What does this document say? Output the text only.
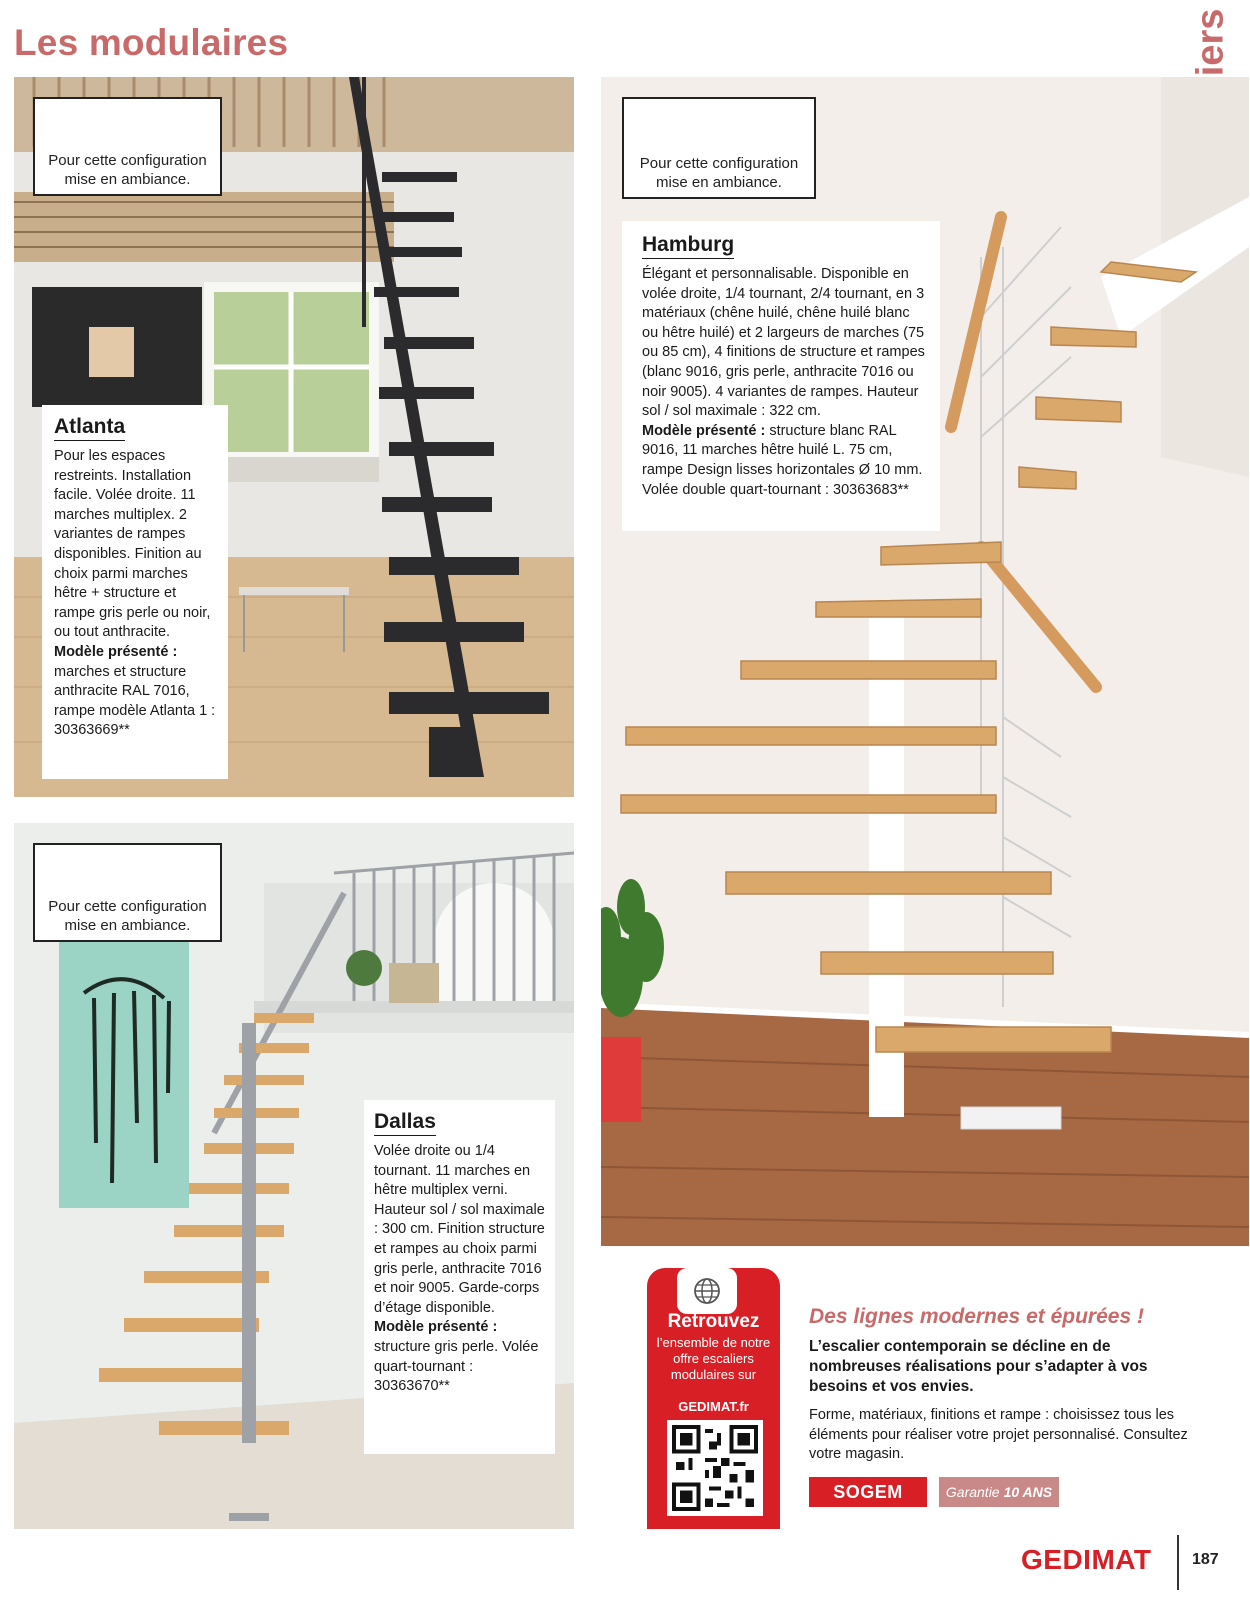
Les modulaires
Pour cette configuration
mise en ambiance.
Atlanta

Pour les espaces restreints. Installation facile. Volée droite. 11 marches multiplex. 2 variantes de rampes disponibles. Finition au choix parmi marches hêtre + structure et rampe gris perle ou noir, ou tout anthracite.

Modèle présenté : marches et structure anthracite RAL 7016, rampe modèle Atlanta 1 : 30363669**

Pour cette configuration
mise en ambiance.
Dallas

Volée droite ou 1/4 tournant. 11 marches en hêtre multiplex verni. Hauteur sol / sol maximale : 300 cm. Finition structure et rampes au choix parmi gris perle, anthracite 7016 et noir 9005. Garde-corps d’étage disponible.

Modèle présenté : structure gris perle. Volée quart-tournant : 30363670**

Pour cette configuration
mise en ambiance.
Hamburg

Élégant et personnalisable. Disponible en volée droite, 1/4 tournant, 2/4 tournant, en 3 matériaux (chêne huilé, chêne huilé blanc ou hêtre huilé) et 2 largeurs de marches (75 ou 85 cm), 4 finitions de structure et rampes (blanc 9016, gris perle, anthracite 7016 ou noir 9005). 4 variantes de rampes. Hauteur sol / sol maximale : 322 cm.

Modèle présenté : structure blanc RAL 9016, 11 marches hêtre huilé L. 75 cm, rampe Design lisses horizontales Ø 10 mm. Volée double quart-tournant : 30363683**

Retrouvez
l’ensemble de notre offre escaliers modulaires sur
GEDIMAT.fr
Des lignes modernes et épurées !
L’escalier contemporain se décline en de nombreuses réalisations pour s’adapter à vos besoins et vos envies.
Forme, matériaux, finitions et rampe : choisissez tous les éléments pour réaliser votre projet personnalisé. Consultez votre magasin.
SOGEM	Garantie 10 ANS
GEDIMAT	187
